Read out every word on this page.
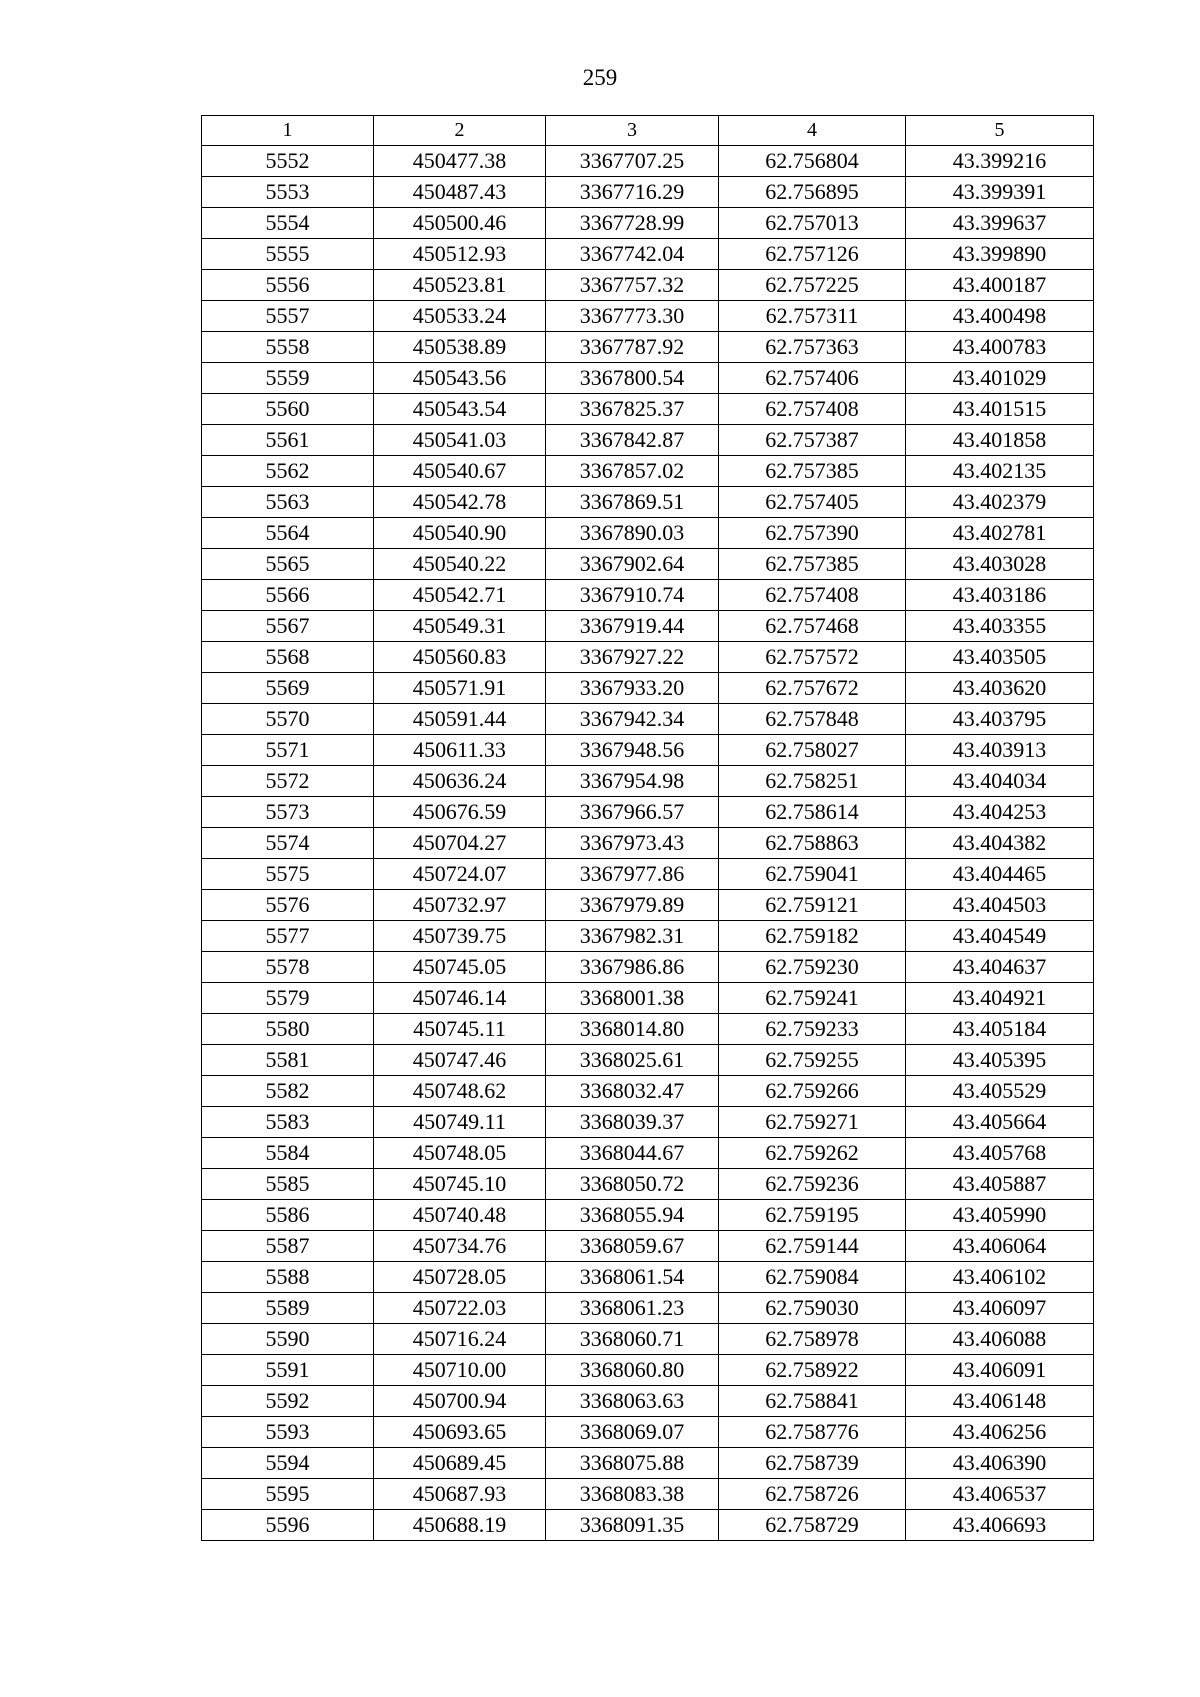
259
1	2	3	4	5
5552	450477.38	3367707.25	62.756804	43.399216
5553	450487.43	3367716.29	62.756895	43.399391
5554	450500.46	3367728.99	62.757013	43.399637
5555	450512.93	3367742.04	62.757126	43.399890
5556	450523.81	3367757.32	62.757225	43.400187
5557	450533.24	3367773.30	62.757311	43.400498
5558	450538.89	3367787.92	62.757363	43.400783
5559	450543.56	3367800.54	62.757406	43.401029
5560	450543.54	3367825.37	62.757408	43.401515
5561	450541.03	3367842.87	62.757387	43.401858
5562	450540.67	3367857.02	62.757385	43.402135
5563	450542.78	3367869.51	62.757405	43.402379
5564	450540.90	3367890.03	62.757390	43.402781
5565	450540.22	3367902.64	62.757385	43.403028
5566	450542.71	3367910.74	62.757408	43.403186
5567	450549.31	3367919.44	62.757468	43.403355
5568	450560.83	3367927.22	62.757572	43.403505
5569	450571.91	3367933.20	62.757672	43.403620
5570	450591.44	3367942.34	62.757848	43.403795
5571	450611.33	3367948.56	62.758027	43.403913
5572	450636.24	3367954.98	62.758251	43.404034
5573	450676.59	3367966.57	62.758614	43.404253
5574	450704.27	3367973.43	62.758863	43.404382
5575	450724.07	3367977.86	62.759041	43.404465
5576	450732.97	3367979.89	62.759121	43.404503
5577	450739.75	3367982.31	62.759182	43.404549
5578	450745.05	3367986.86	62.759230	43.404637
5579	450746.14	3368001.38	62.759241	43.404921
5580	450745.11	3368014.80	62.759233	43.405184
5581	450747.46	3368025.61	62.759255	43.405395
5582	450748.62	3368032.47	62.759266	43.405529
5583	450749.11	3368039.37	62.759271	43.405664
5584	450748.05	3368044.67	62.759262	43.405768
5585	450745.10	3368050.72	62.759236	43.405887
5586	450740.48	3368055.94	62.759195	43.405990
5587	450734.76	3368059.67	62.759144	43.406064
5588	450728.05	3368061.54	62.759084	43.406102
5589	450722.03	3368061.23	62.759030	43.406097
5590	450716.24	3368060.71	62.758978	43.406088
5591	450710.00	3368060.80	62.758922	43.406091
5592	450700.94	3368063.63	62.758841	43.406148
5593	450693.65	3368069.07	62.758776	43.406256
5594	450689.45	3368075.88	62.758739	43.406390
5595	450687.93	3368083.38	62.758726	43.406537
5596	450688.19	3368091.35	62.758729	43.406693
